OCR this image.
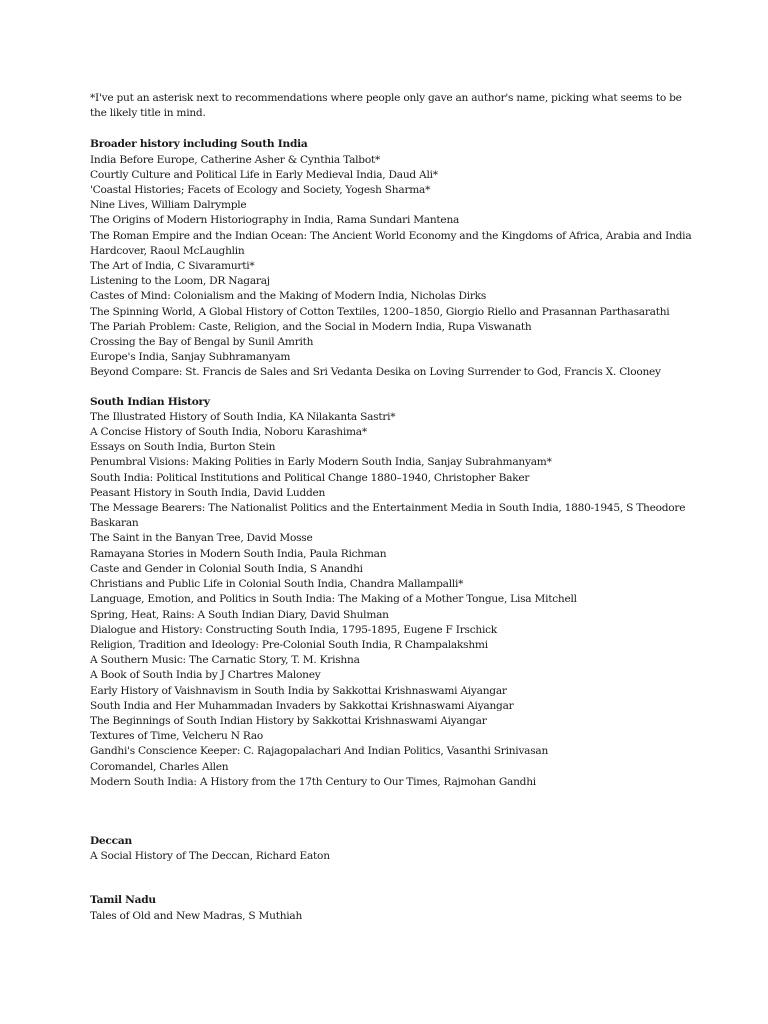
*I've put an asterisk next to recommendations where people only gave an author's name, picking what seems to be the likely title in mind.

Broader history including South India

India Before Europe, Catherine Asher & Cynthia Talbot*
Courtly Culture and Political Life in Early Medieval India, Daud Ali*
'Coastal Histories; Facets of Ecology and Society, Yogesh Sharma*
Nine Lives, William Dalrymple
The Origins of Modern Historiography in India, Rama Sundari Mantena
The Roman Empire and the Indian Ocean: The Ancient World Economy and the Kingdoms of Africa, Arabia and India Hardcover, Raoul McLaughlin
The Art of India, C Sivaramurti*
Listening to the Loom, DR Nagaraj
Castes of Mind: Colonialism and the Making of Modern India, Nicholas Dirks
The Spinning World, A Global History of Cotton Textiles, 1200–1850, Giorgio Riello and Prasannan Parthasarathi
The Pariah Problem: Caste, Religion, and the Social in Modern India, Rupa Viswanath
Crossing the Bay of Bengal by Sunil Amrith
Europe's India, Sanjay Subhramanyam
Beyond Compare: St. Francis de Sales and Sri Vedanta Desika on Loving Surrender to God, Francis X. Clooney

South Indian History

The Illustrated History of South India, KA Nilakanta Sastri*
A Concise History of South India, Noboru Karashima*
Essays on South India, Burton Stein
Penumbral Visions: Making Polities in Early Modern South India, Sanjay Subrahmanyam*
South India: Political Institutions and Political Change 1880–1940, Christopher Baker
Peasant History in South India, David Ludden
The Message Bearers: The Nationalist Politics and the Entertainment Media in South India, 1880-1945, S Theodore Baskaran
The Saint in the Banyan Tree, David Mosse
Ramayana Stories in Modern South India, Paula Richman
Caste and Gender in Colonial South India, S Anandhi
Christians and Public Life in Colonial South India, Chandra Mallampalli*
Language, Emotion, and Politics in South India: The Making of a Mother Tongue, Lisa Mitchell
Spring, Heat, Rains: A South Indian Diary, David Shulman
Dialogue and History: Constructing South India, 1795-1895, Eugene F Irschick
Religion, Tradition and Ideology: Pre-Colonial South India, R Champalakshmi
A Southern Music: The Carnatic Story, T. M. Krishna
A Book of South India by J Chartres Maloney
Early History of Vaishnavism in South India by Sakkottai Krishnaswami Aiyangar
South India and Her Muhammadan Invaders by Sakkottai Krishnaswami Aiyangar
The Beginnings of South Indian History by Sakkottai Krishnaswami Aiyangar
Textures of Time, Velcheru N Rao
Gandhi's Conscience Keeper: C. Rajagopalachari And Indian Politics, Vasanthi Srinivasan
Coromandel, Charles Allen
Modern South India: A History from the 17th Century to Our Times, Rajmohan Gandhi

Deccan

A Social History of The Deccan, Richard Eaton

Tamil Nadu

Tales of Old and New Madras, S Muthiah
